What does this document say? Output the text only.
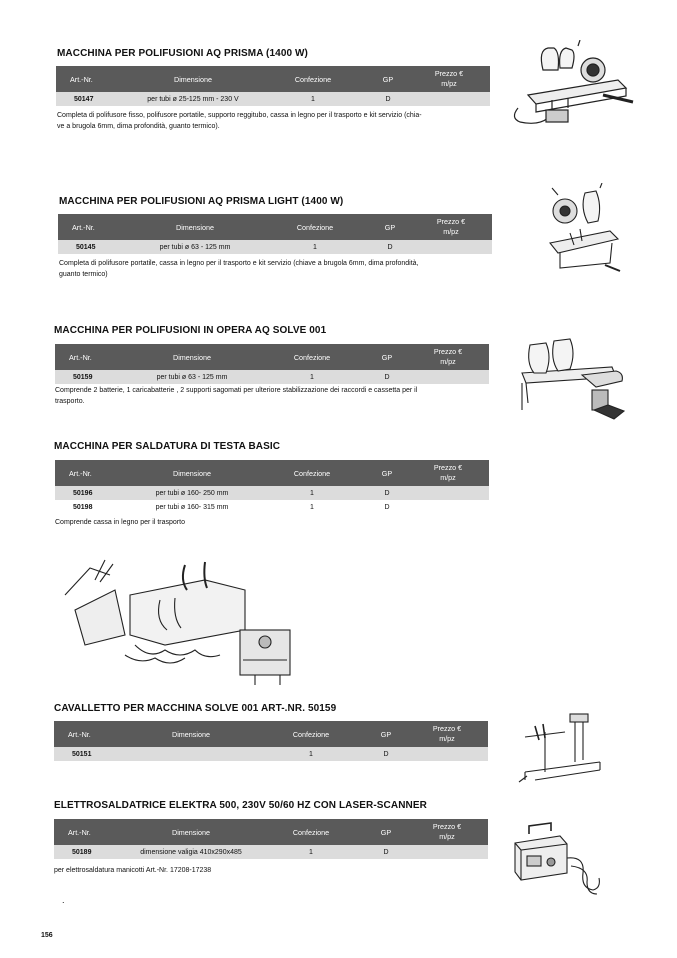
MACCHINA PER POLIFUSIONI AQ PRISMA (1400 W)
Art.-Nr.	Dimensione	Confezione	GP	Prezzo €
m/pz
50147	per tubi ø 25-125 mm - 230 V	1	D	
Completa di polifusore fisso, polifusore portatile, supporto reggitubo, cassa in legno per il trasporto e kit servizio (chia-
ve a brugola 6mm, dima profondità, guanto termico).
MACCHINA PER POLIFUSIONI AQ PRISMA LIGHT (1400 W)
Art.-Nr.	Dimensione	Confezione	GP	Prezzo €
m/pz
50145	per tubi ø 63 - 125 mm	1	D	
Completa di polifusore portatile, cassa in legno per il trasporto e kit servizio (chiave a brugola 6mm, dima profondità,
guanto termico)
MACCHINA PER POLIFUSIONI IN OPERA AQ SOLVE 001
Art.-Nr.	Dimensione	Confezione	GP	Prezzo €
m/pz
50159	per tubi ø 63 - 125 mm	1	D	
Comprende 2 batterie, 1 caricabatterie , 2 supporti sagomati per ulteriore stabilizzazione dei raccordi e cassetta per il
trasporto.
MACCHINA PER SALDATURA DI TESTA BASIC
Art.-Nr.	Dimensione	Confezione	GP	Prezzo €
m/pz
50196	per tubi ø 160- 250 mm	1	D	
50198	per tubi ø 160- 315 mm	1	D	
Comprende cassa in legno per il trasporto
CAVALLETTO PER MACCHINA SOLVE 001 ART-.NR. 50159
Art.-Nr.	Dimensione	Confezione	GP	Prezzo €
m/pz
50151		1	D	
ELETTROSALDATRICE ELEKTRA 500, 230V 50/60 HZ CON LASER-SCANNER
Art.-Nr.	Dimensione	Confezione	GP	Prezzo €
m/pz
50189	dimensione valigia 410x290x485	1	D	
per elettrosaldatura manicotti Art.-Nr. 17208-17238
.
156
